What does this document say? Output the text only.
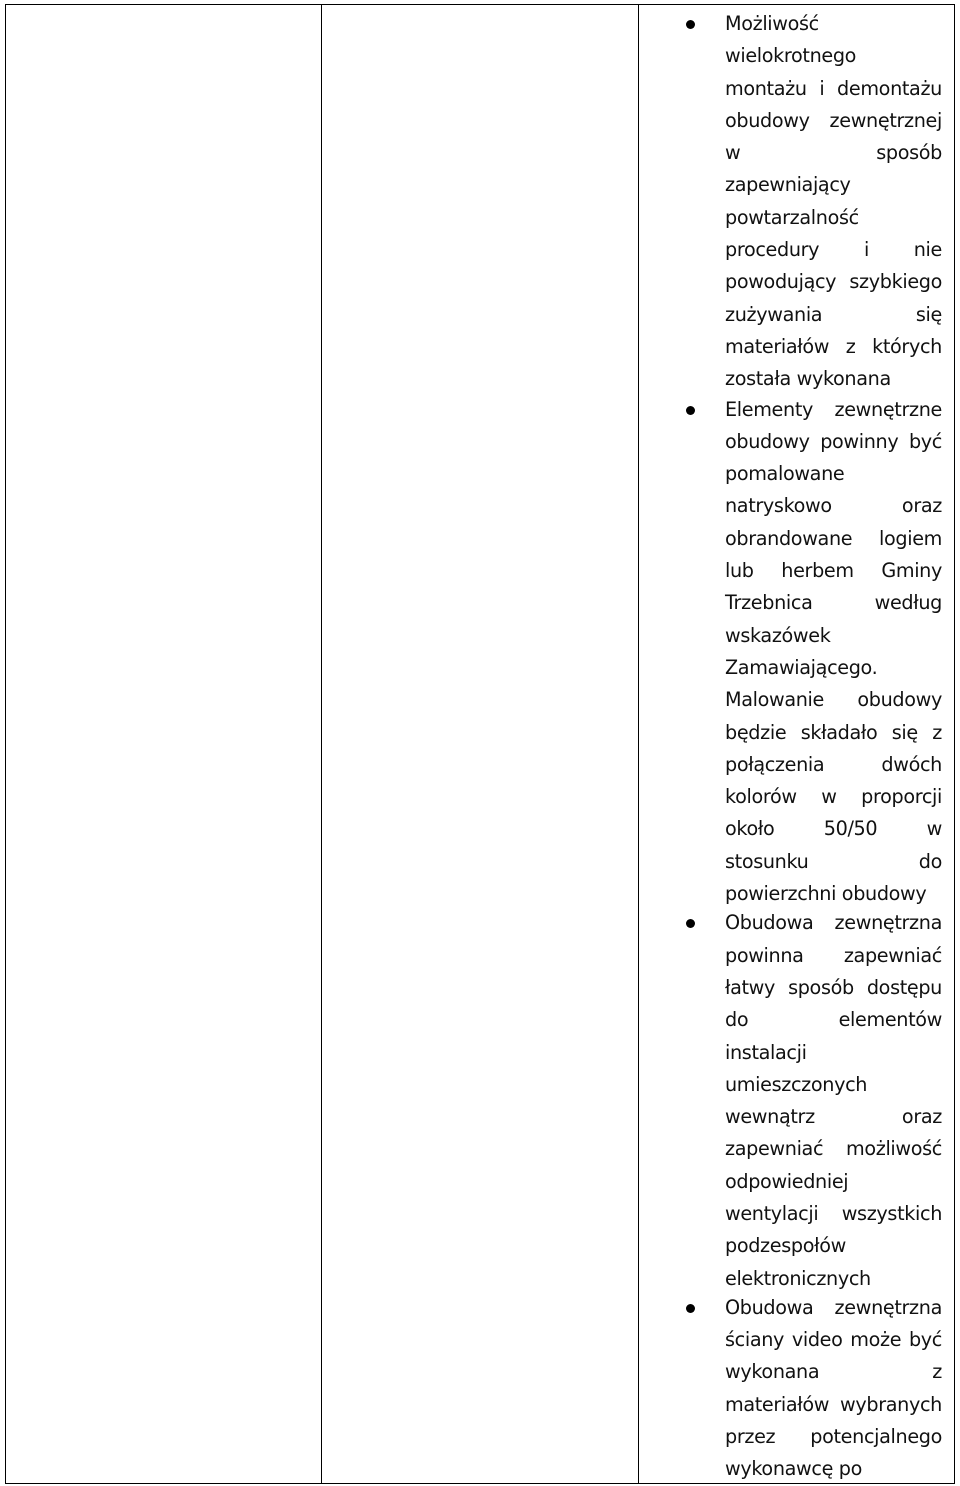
Możliwość wielokrotnego montażu i demontażu obudowy zewnętrznej w sposób zapewniający powtarzalność procedury i nie powodujący szybkiego zużywania się materiałów z których została wykonana
Elementy zewnętrzne obudowy powinny być pomalowane natryskowo oraz obrandowane logiem lub herbem Gminy Trzebnica według wskazówek Zamawiającego. Malowanie obudowy będzie składało się z połączenia dwóch kolorów w proporcji około 50/50 w stosunku do powierzchni obudowy
Obudowa zewnętrzna powinna zapewniać łatwy sposób dostępu do elementów instalacji umieszczonych wewnątrz oraz zapewniać możliwość odpowiedniej wentylacji wszystkich podzespołów elektronicznych
Obudowa zewnętrzna ściany video może być wykonana z materiałów wybranych przez potencjalnego wykonawcę po
